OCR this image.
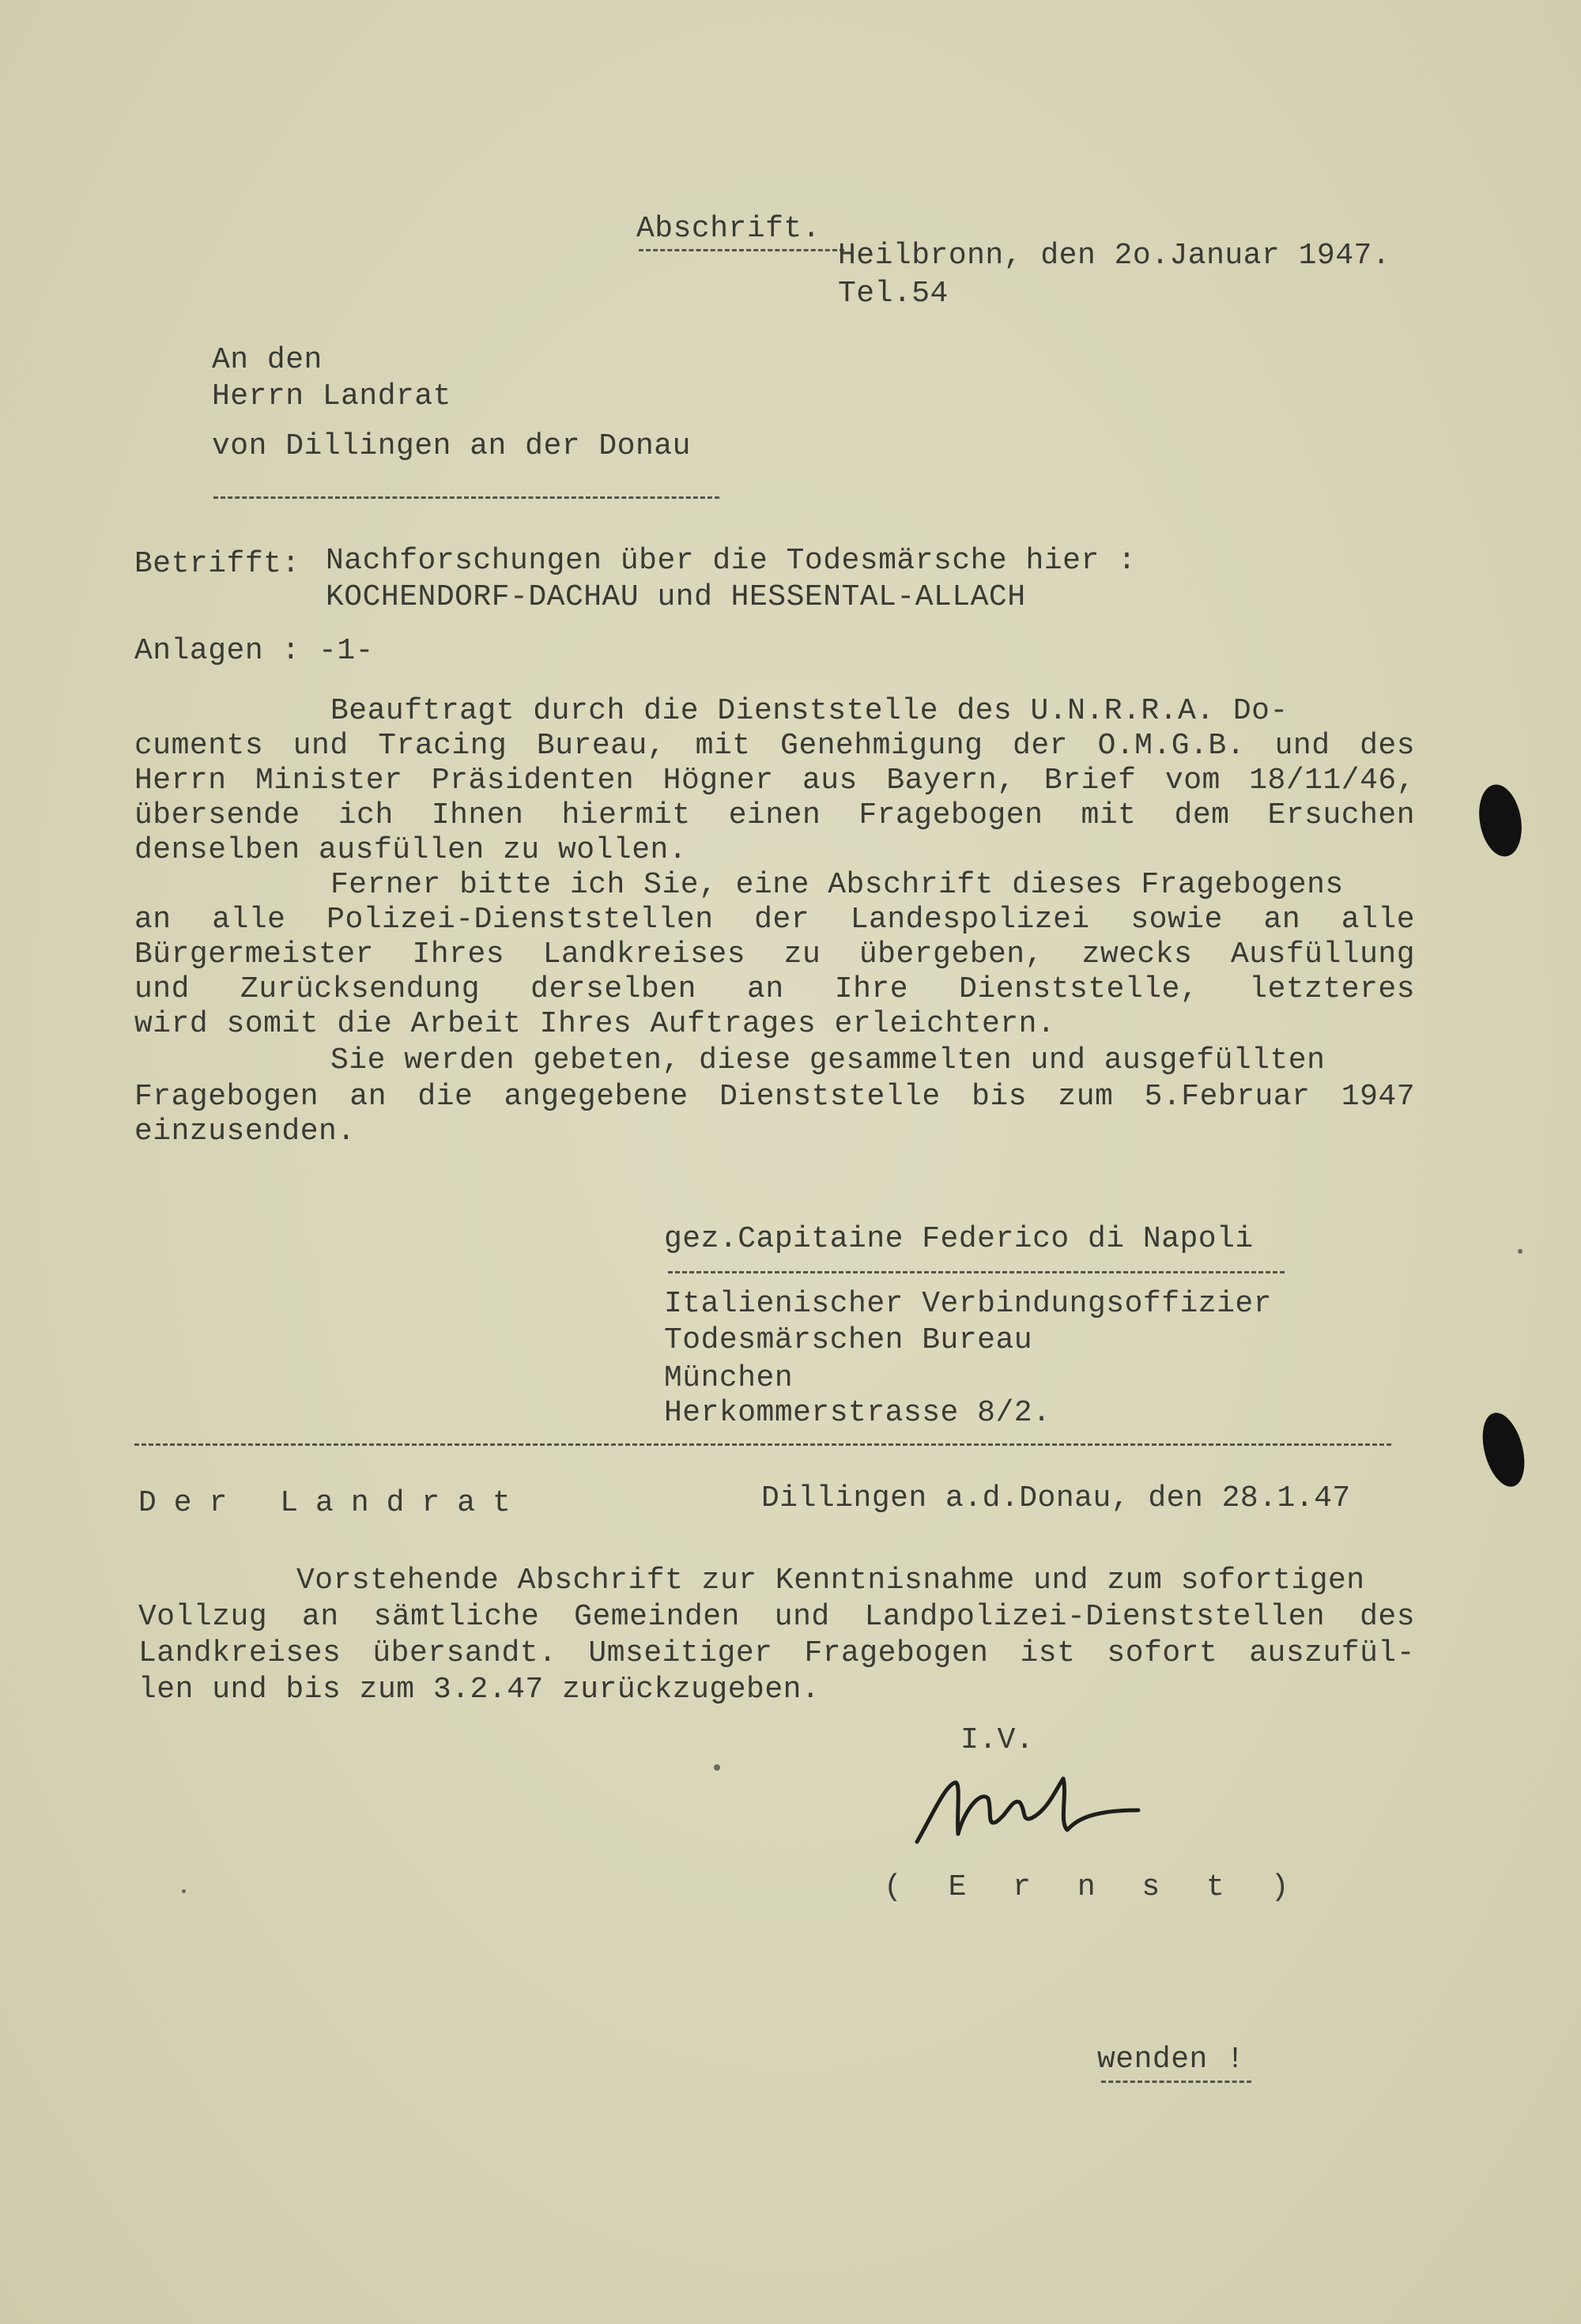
Abschrift.
Heilbronn, den 2o.Januar 1947.
Tel.54
An den
Herrn Landrat
von Dillingen an der Donau
Betrifft: Nachforschungen über die Todesmärsche hier :
KOCHENDORF-DACHAU und HESSENTAL-ALLACH
Anlagen : -1-
Beauftragt durch die Dienststelle des U.N.R.R.A. Do-
cuments und Tracing Bureau, mit Genehmigung der O.M.G.B. und des
Herrn Minister Präsidenten Högner aus Bayern, Brief vom 18/11/46,
übersende ich Ihnen hiermit einen Fragebogen mit dem Ersuchen
denselben ausfüllen zu wollen.
Ferner bitte ich Sie, eine Abschrift dieses Fragebogens
an alle Polizei-Dienststellen der Landespolizei sowie an alle
Bürgermeister Ihres Landkreises zu übergeben, zwecks Ausfüllung
und Zurücksendung derselben an Ihre Dienststelle, letzteres
wird somit die Arbeit Ihres Auftrages erleichtern.
Sie werden gebeten, diese gesammelten und ausgefüllten
Fragebogen an die angegebene Dienststelle bis zum 5.Februar 1947
einzusenden.
gez.Capitaine Federico di Napoli
Italienischer Verbindungsoffizier
Todesmärschen Bureau
München
Herkommerstrasse 8/2.
Der Landrat	Dillingen a.d.Donau, den 28.1.47
Vorstehende Abschrift zur Kenntnisnahme und zum sofortigen
Vollzug an sämtliche Gemeinden und Landpolizei-Dienststellen des
Landkreises übersandt. Umseitiger Fragebogen ist sofort auszufül-
len und bis zum 3.2.47 zurückzugeben.
I.V.
( E r n s t )
wenden !
